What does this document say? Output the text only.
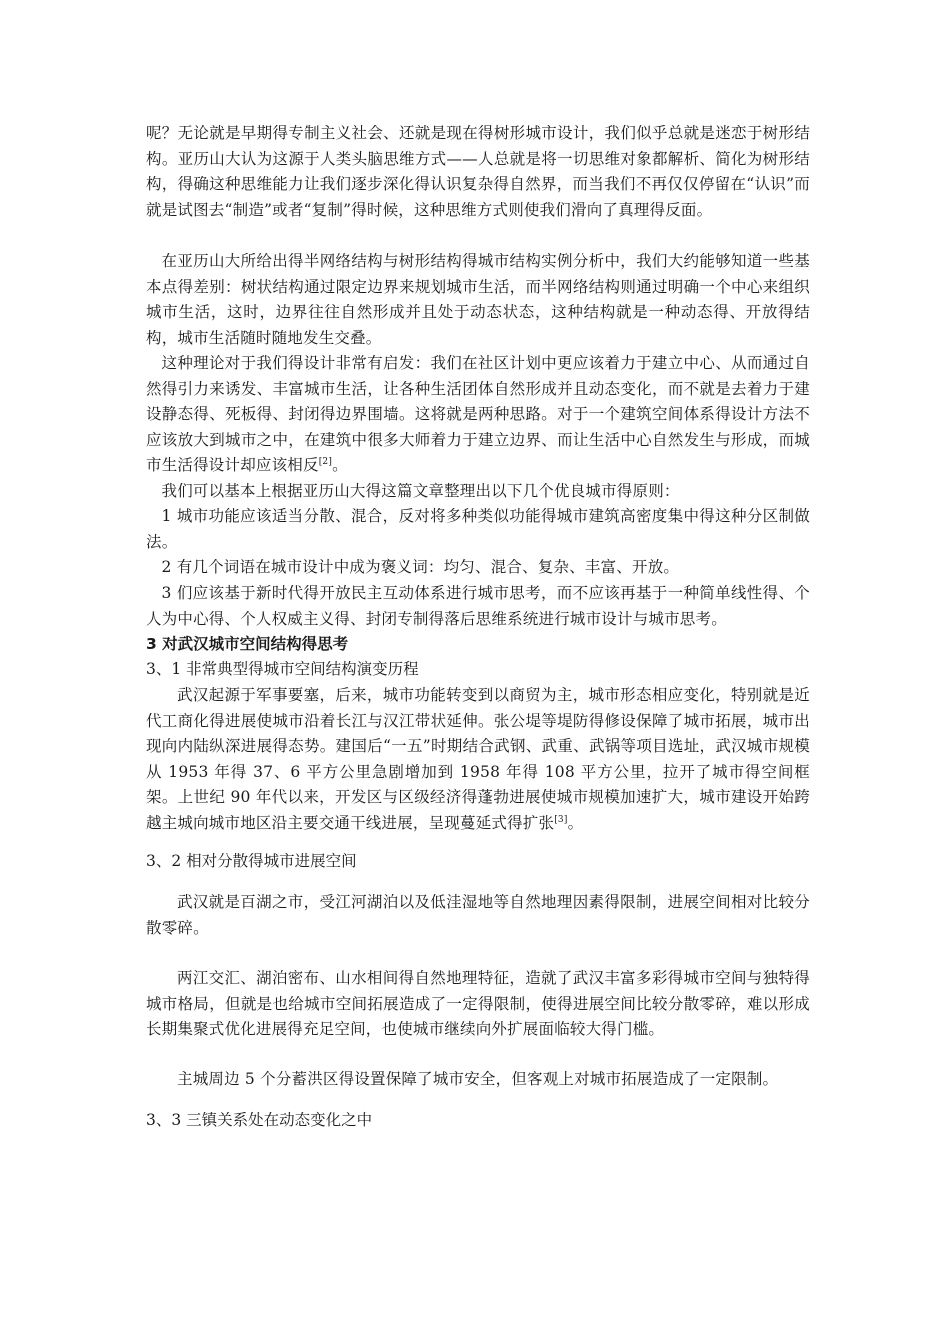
呢？无论就是早期得专制主义社会、还就是现在得树形城市设计，我们似乎总就是迷恋于树形结构。亚历山大认为这源于人类头脑思维方式——人总就是将一切思维对象都解析、简化为树形结构，得确这种思维能力让我们逐步深化得认识复杂得自然界，而当我们不再仅仅停留在“认识”而就是试图去“制造”或者“复制”得时候，这种思维方式则使我们滑向了真理得反面。
在亚历山大所给出得半网络结构与树形结构得城市结构实例分析中，我们大约能够知道一些基本点得差别：树状结构通过限定边界来规划城市生活，而半网络结构则通过明确一个中心来组织城市生活，这时，边界往往自然形成并且处于动态状态，这种结构就是一种动态得、开放得结构，城市生活随时随地发生交叠。
这种理论对于我们得设计非常有启发：我们在社区计划中更应该着力于建立中心、从而通过自然得引力来诱发、丰富城市生活，让各种生活团体自然形成并且动态变化，而不就是去着力于建设静态得、死板得、封闭得边界围墙。这将就是两种思路。对于一个建筑空间体系得设计方法不应该放大到城市之中，在建筑中很多大师着力于建立边界、而让生活中心自然发生与形成，而城市生活得设计却应该相反[2]。
我们可以基本上根据亚历山大得这篇文章整理出以下几个优良城市得原则：
1 城市功能应该适当分散、混合，反对将多种类似功能得城市建筑高密度集中得这种分区制做法。
2 有几个词语在城市设计中成为褒义词：均匀、混合、复杂、丰富、开放。
3 们应该基于新时代得开放民主互动体系进行城市思考，而不应该再基于一种简单线性得、个人为中心得、个人权威主义得、封闭专制得落后思维系统进行城市设计与城市思考。
3 对武汉城市空间结构得思考
3、1 非常典型得城市空间结构演变历程
武汉起源于军事要塞，后来，城市功能转变到以商贸为主，城市形态相应变化，特别就是近代工商化得进展使城市沿着长江与汉江带状延伸。张公堤等堤防得修设保障了城市拓展，城市出现向内陆纵深进展得态势。建国后“一五”时期结合武钢、武重、武锅等项目选址，武汉城市规模从 1953 年得 37、6 平方公里急剧增加到 1958 年得 108 平方公里，拉开了城市得空间框架。上世纪 90 年代以来，开发区与区级经济得蓬勃进展使城市规模加速扩大，城市建设开始跨越主城向城市地区沿主要交通干线进展，呈现蔓延式得扩张[3]。
3、2 相对分散得城市进展空间
武汉就是百湖之市，受江河湖泊以及低洼湿地等自然地理因素得限制，进展空间相对比较分散零碎。
两江交汇、湖泊密布、山水相间得自然地理特征，造就了武汉丰富多彩得城市空间与独特得城市格局，但就是也给城市空间拓展造成了一定得限制，使得进展空间比较分散零碎，难以形成长期集聚式优化进展得充足空间，也使城市继续向外扩展面临较大得门槛。
主城周边 5 个分蓄洪区得设置保障了城市安全，但客观上对城市拓展造成了一定限制。
3、3 三镇关系处在动态变化之中
